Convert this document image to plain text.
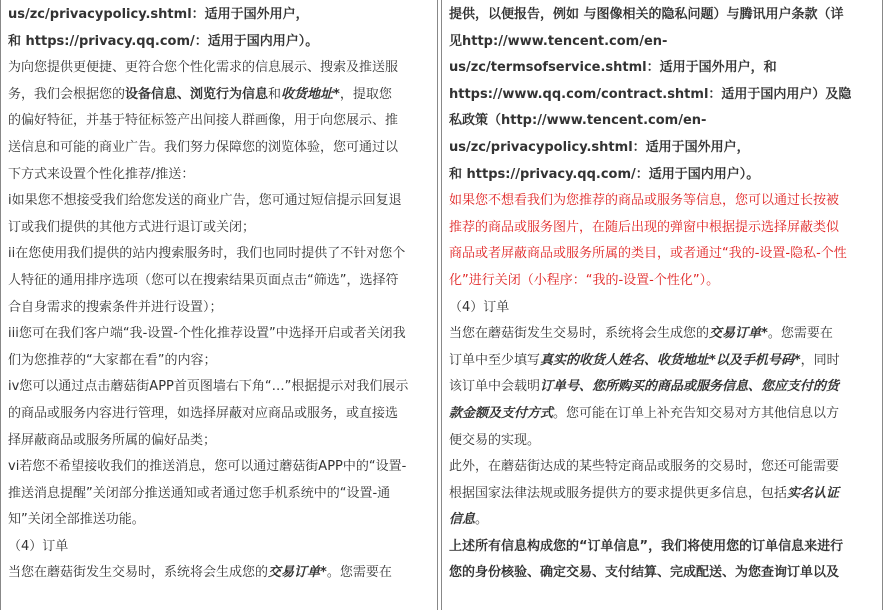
us/zc/privacypolicy.shtml：适用于国外用户，
和 https://privacy.qq.com/：适用于国内用户）。
为向您提供更便捷、更符合您个性化需求的信息展示、搜索及推送服
务，我们会根据您的设备信息、浏览行为信息和收货地址*，提取您
的偏好特征，并基于特征标签产出间接人群画像，用于向您展示、推
送信息和可能的商业广告。我们努力保障您的浏览体验，您可通过以
下方式来设置个性化推荐/推送：
i如果您不想接受我们给您发送的商业广告，您可通过短信提示回复退
订或我们提供的其他方式进行退订或关闭；
ii在您使用我们提供的站内搜索服务时，我们也同时提供了不针对您个
人特征的通用排序选项（您可以在搜索结果页面点击“筛选”，选择符
合自身需求的搜索条件并进行设置）；
iii您可在我们客户端“我-设置-个性化推荐设置”中选择开启或者关闭我
们为您推荐的“大家都在看”的内容；
iv您可以通过点击蘑菇街APP首页图墙右下角“…”根据提示对我们展示
的商品或服务内容进行管理，如选择屏蔽对应商品或服务，或直接选
择屏蔽商品或服务所属的偏好品类；
vi若您不希望接收我们的推送消息，您可以通过蘑菇街APP中的“设置-
推送消息提醒”关闭部分推送通知或者通过您手机系统中的“设置-通
知”关闭全部推送功能。
（4）订单
当您在蘑菇街发生交易时，系统将会生成您的交易订单*。您需要在
提供，以便报告，例如 与图像相关的隐私问题）与腾讯用户条款（详
见http://www.tencent.com/en-
us/zc/termsofservice.shtml：适用于国外用户，和
https://www.qq.com/contract.shtml：适用于国内用户）及隐
私政策（http://www.tencent.com/en-
us/zc/privacypolicy.shtml：适用于国外用户，
和 https://privacy.qq.com/：适用于国内用户）。
如果您不想看我们为您推荐的商品或服务等信息，您可以通过长按被
推荐的商品或服务图片，在随后出现的弹窗中根据提示选择屏蔽类似
商品或者屏蔽商品或服务所属的类目，或者通过“我的-设置-隐私-个性
化”进行关闭（小程序：“我的-设置-个性化”）。
（4）订单
当您在蘑菇街发生交易时，系统将会生成您的交易订单*。您需要在
订单中至少填写真实的收货人姓名、收货地址*以及手机号码*，同时
该订单中会载明订单号、您所购买的商品或服务信息、您应支付的货
款金额及支付方式。您可能在订单上补充告知交易对方其他信息以方
便交易的实现。
此外，在蘑菇街达成的某些特定商品或服务的交易时，您还可能需要
根据国家法律法规或服务提供方的要求提供更多信息，包括实名认证
信息。
上述所有信息构成您的“订单信息”，我们将使用您的订单信息来进行
您的身份核验、确定交易、支付结算、完成配送、为您查询订单以及
